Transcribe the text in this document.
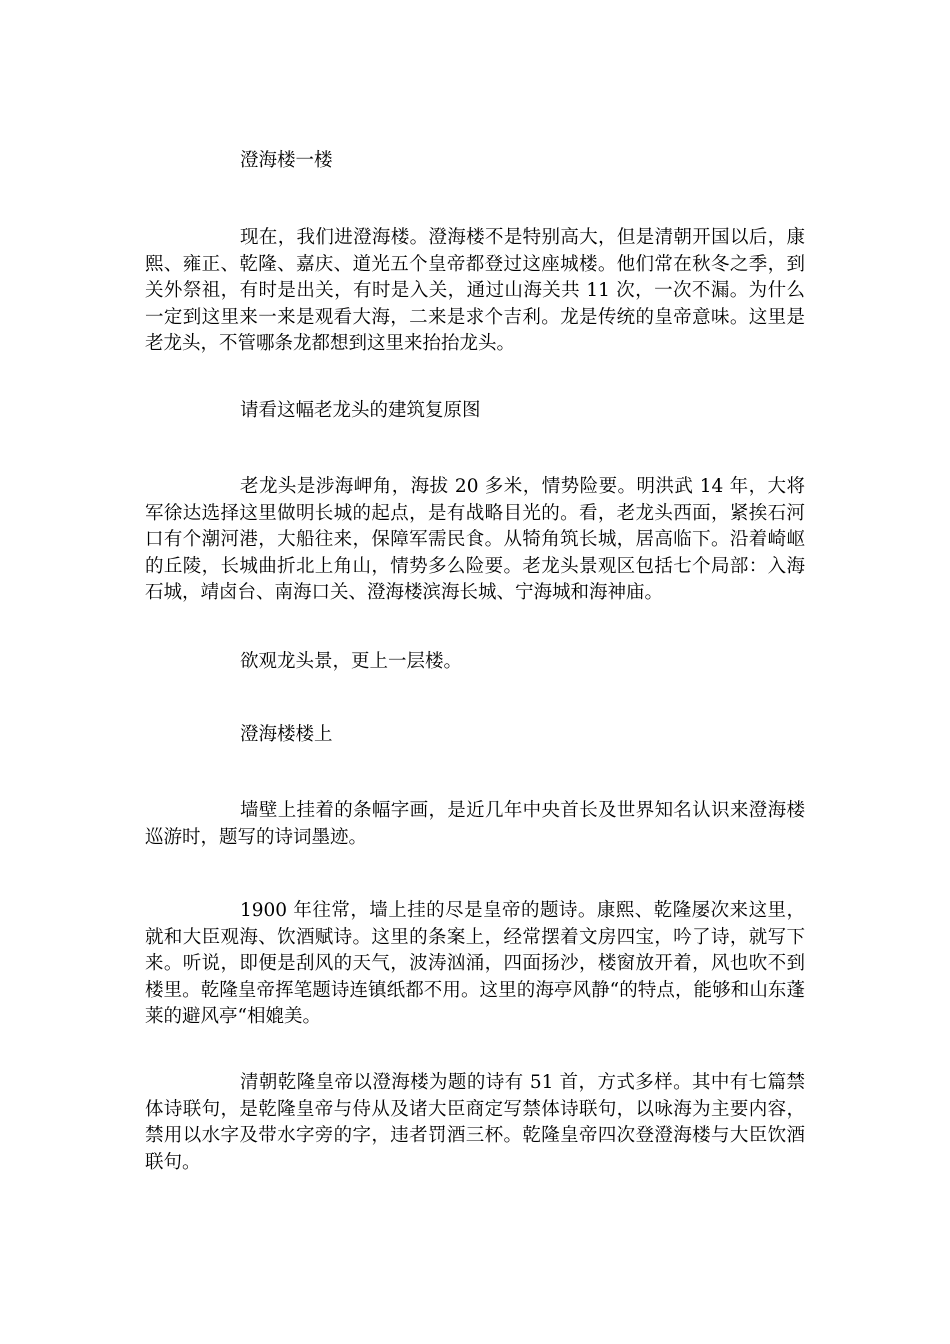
澄海楼一楼

现在，我们进澄海楼。澄海楼不是特别高大，但是清朝开国以后，康熙、雍正、乾隆、嘉庆、道光五个皇帝都登过这座城楼。他们常在秋冬之季，到关外祭祖，有时是出关，有时是入关，通过山海关共 11 次，一次不漏。为什么一定到这里来一来是观看大海，二来是求个吉利。龙是传统的皇帝意味。这里是老龙头，不管哪条龙都想到这里来抬抬龙头。

请看这幅老龙头的建筑复原图

老龙头是涉海岬角，海拔 20 多米，情势险要。明洪武 14 年，大将军徐达选择这里做明长城的起点，是有战略目光的。看，老龙头西面，紧挨石河口有个潮河港，大船往来，保障军需民食。从犄角筑长城，居高临下。沿着崎岖的丘陵，长城曲折北上角山，情势多么险要。老龙头景观区包括七个局部：入海石城，靖卤台、南海口关、澄海楼滨海长城、宁海城和海神庙。

欲观龙头景，更上一层楼。

澄海楼楼上

墙壁上挂着的条幅字画，是近几年中央首长及世界知名认识来澄海楼巡游时，题写的诗词墨迹。

1900 年往常，墙上挂的尽是皇帝的题诗。康熙、乾隆屡次来这里，就和大臣观海、饮酒赋诗。这里的条案上，经常摆着文房四宝，吟了诗，就写下来。听说，即便是刮风的天气，波涛汹涌，四面扬沙，楼窗放开着，风也吹不到楼里。乾隆皇帝挥笔题诗连镇纸都不用。这里的海亭风静“的特点，能够和山东蓬莱的避风亭“相媲美。

清朝乾隆皇帝以澄海楼为题的诗有 51 首，方式多样。其中有七篇禁体诗联句，是乾隆皇帝与侍从及诸大臣商定写禁体诗联句，以咏海为主要内容，禁用以水字及带水字旁的字，违者罚酒三杯。乾隆皇帝四次登澄海楼与大臣饮酒联句。
